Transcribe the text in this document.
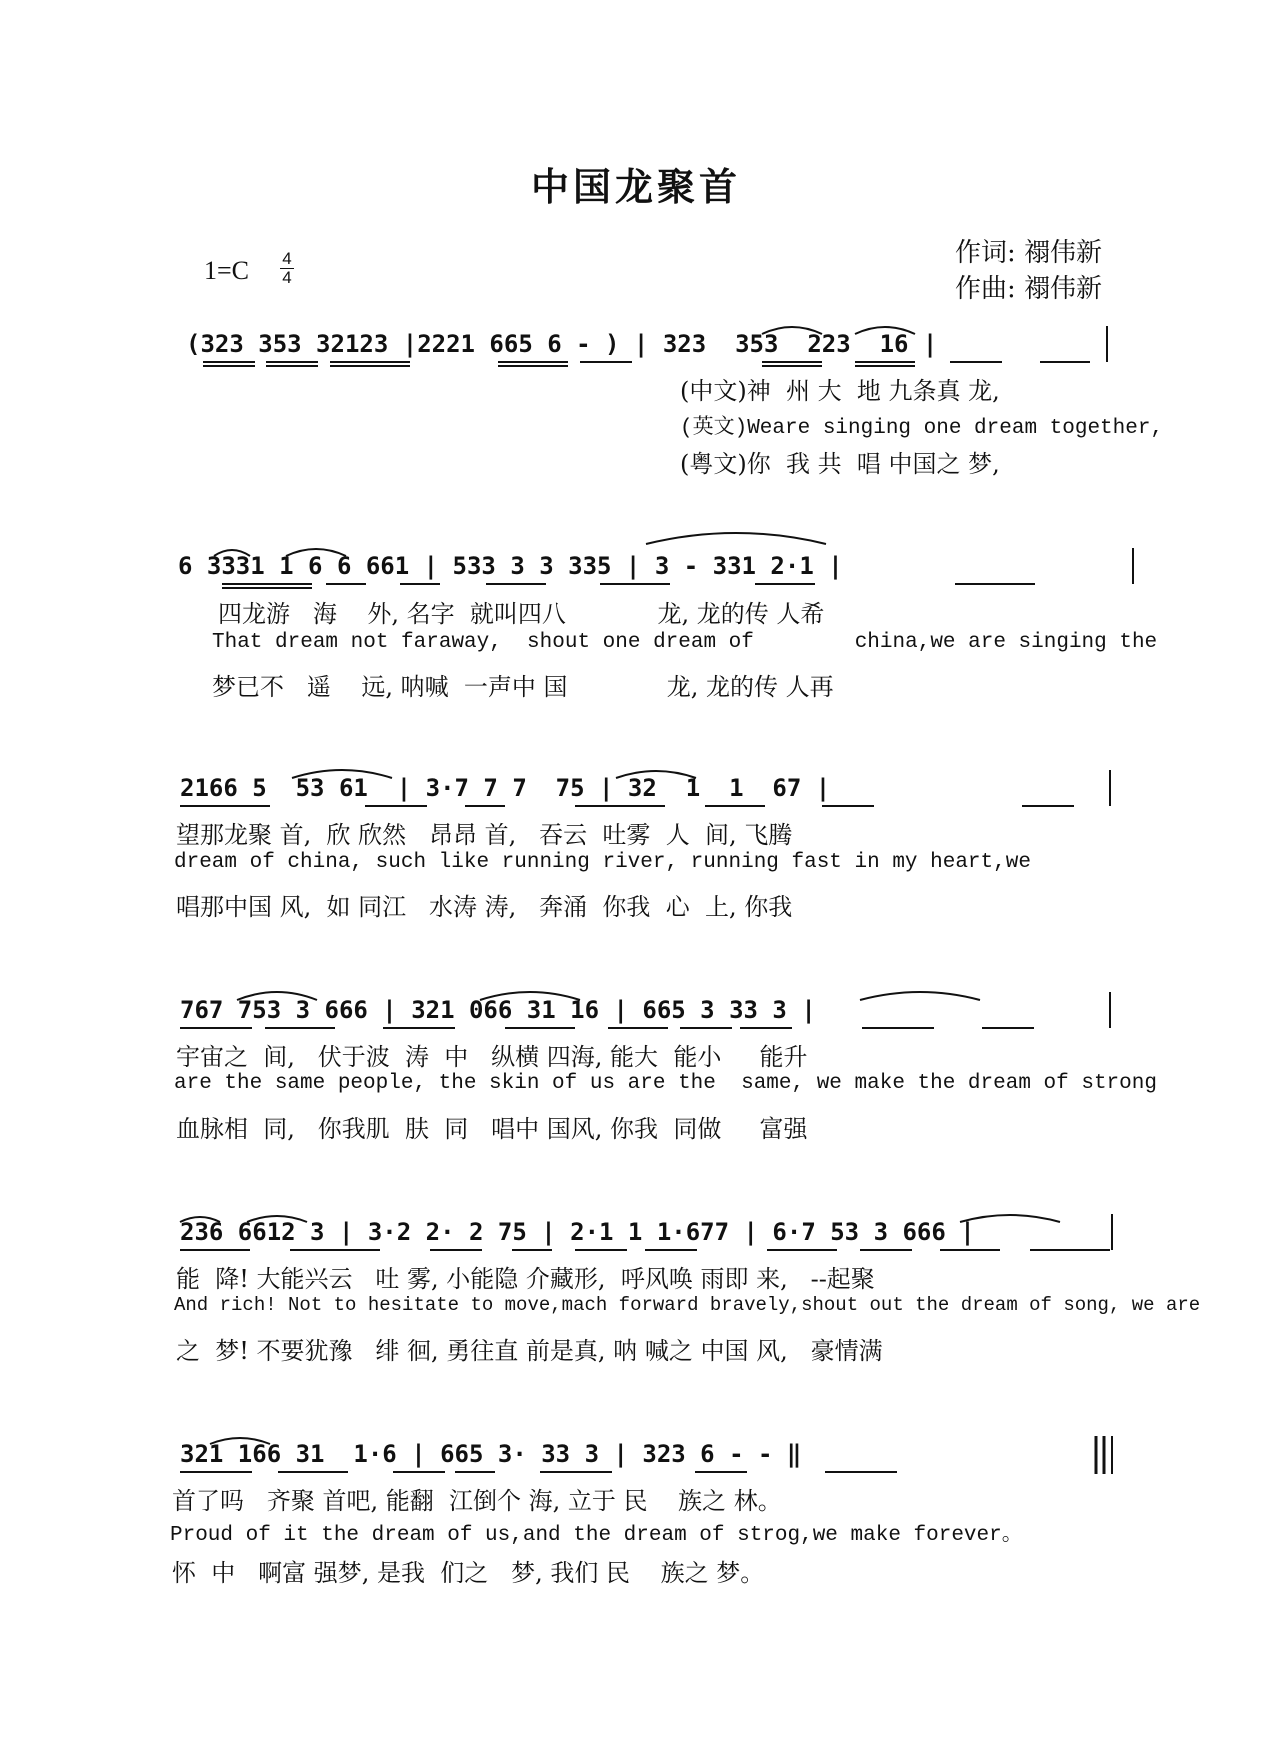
中国龙聚首
1=C 4
4
作词: 禤伟新
作曲: 禤伟新
(323 353 32123 |2221 665 6 - ) | 323  353  223  16 |
(中文)神  州 大  地 九条真 龙,
(英文)Weare singing one dream together,
(粤文)你  我 共  唱 中国之 梦,
6 3331 1 6 6 661 | 533 3 3 335 | 3 - 331 2·1 |
四龙游   海    外, 名字  就叫四八            龙, 龙的传 人希
That dream not faraway,  shout one dream of        china,we are singing the
梦已不   遥    远, 呐喊  一声中 国             龙, 龙的传 人再
2166 5  53 61  | 3·7 7 7  75 | 32  1  1  67 |
望那龙聚 首,  欣 欣然   昂昂 首,   吞云  吐雾  人  间, 飞腾
dream of china, such like running river, running fast in my heart,we
唱那中国 风,  如 同江   水涛 涛,   奔涌  你我  心  上, 你我
767 753 3 666 | 321 066 31 16 | 665 3 33 3 |
宇宙之  间,   伏于波  涛  中   纵横 四海, 能大  能小     能升
are the same people, the skin of us are the  same, we make the dream of strong
血脉相  同,   你我肌  肤  同   唱中 国风, 你我  同做     富强
236 6612 3 | 3·2 2· 2 75 | 2·1 1 1·677 | 6·7 53 3 666 |
能  降! 大能兴云   吐 雾, 小能隐 介藏形,  呼风唤 雨即 来,   --起聚
And rich! Not to hesitate to move,mach forward bravely,shout out the dream of song, we are
之  梦! 不要犹豫   绯 徊, 勇往直 前是真, 呐 喊之 中国 风,   豪情满
321 166 31  1·6 | 665 3· 33 3 | 323 6 - - ‖
首了吗   齐聚 首吧, 能翻  江倒个 海, 立于 民    族之 林。
Proud of it the dream of us,and the dream of strog,we make forever。
怀  中   啊富 强梦, 是我  们之   梦, 我们 民    族之 梦。
